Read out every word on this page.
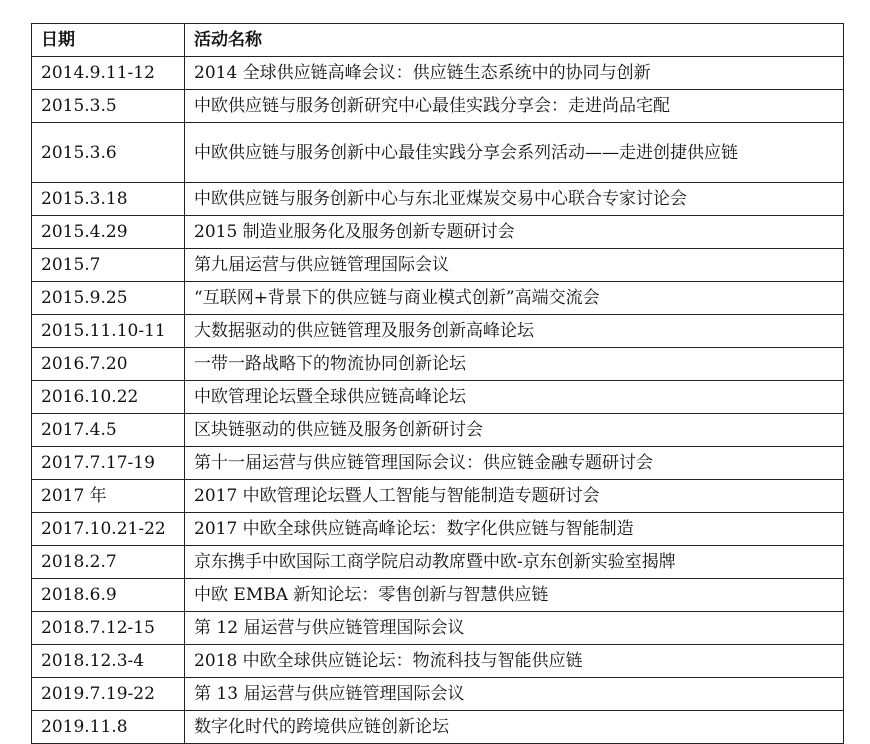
日期	活动名称
2014.9.11-12	2014 全球供应链高峰会议：供应链生态系统中的协同与创新
2015.3.5	中欧供应链与服务创新研究中心最佳实践分享会：走进尚品宅配
2015.3.6	中欧供应链与服务创新中心最佳实践分享会系列活动——走进创捷供应链
2015.3.18	中欧供应链与服务创新中心与东北亚煤炭交易中心联合专家讨论会
2015.4.29	2015 制造业服务化及服务创新专题研讨会
2015.7	第九届运营与供应链管理国际会议
2015.9.25	“互联网+背景下的供应链与商业模式创新”高端交流会
2015.11.10-11	大数据驱动的供应链管理及服务创新高峰论坛
2016.7.20	一带一路战略下的物流协同创新论坛
2016.10.22	中欧管理论坛暨全球供应链高峰论坛
2017.4.5	区块链驱动的供应链及服务创新研讨会
2017.7.17-19	第十一届运营与供应链管理国际会议：供应链金融专题研讨会
2017 年	2017 中欧管理论坛暨人工智能与智能制造专题研讨会
2017.10.21-22	2017 中欧全球供应链高峰论坛：数字化供应链与智能制造
2018.2.7	京东携手中欧国际工商学院启动教席暨中欧-京东创新实验室揭牌
2018.6.9	中欧 EMBA 新知论坛：零售创新与智慧供应链
2018.7.12-15	第 12 届运营与供应链管理国际会议
2018.12.3-4	2018 中欧全球供应链论坛：物流科技与智能供应链
2019.7.19-22	第 13 届运营与供应链管理国际会议
2019.11.8	数字化时代的跨境供应链创新论坛
